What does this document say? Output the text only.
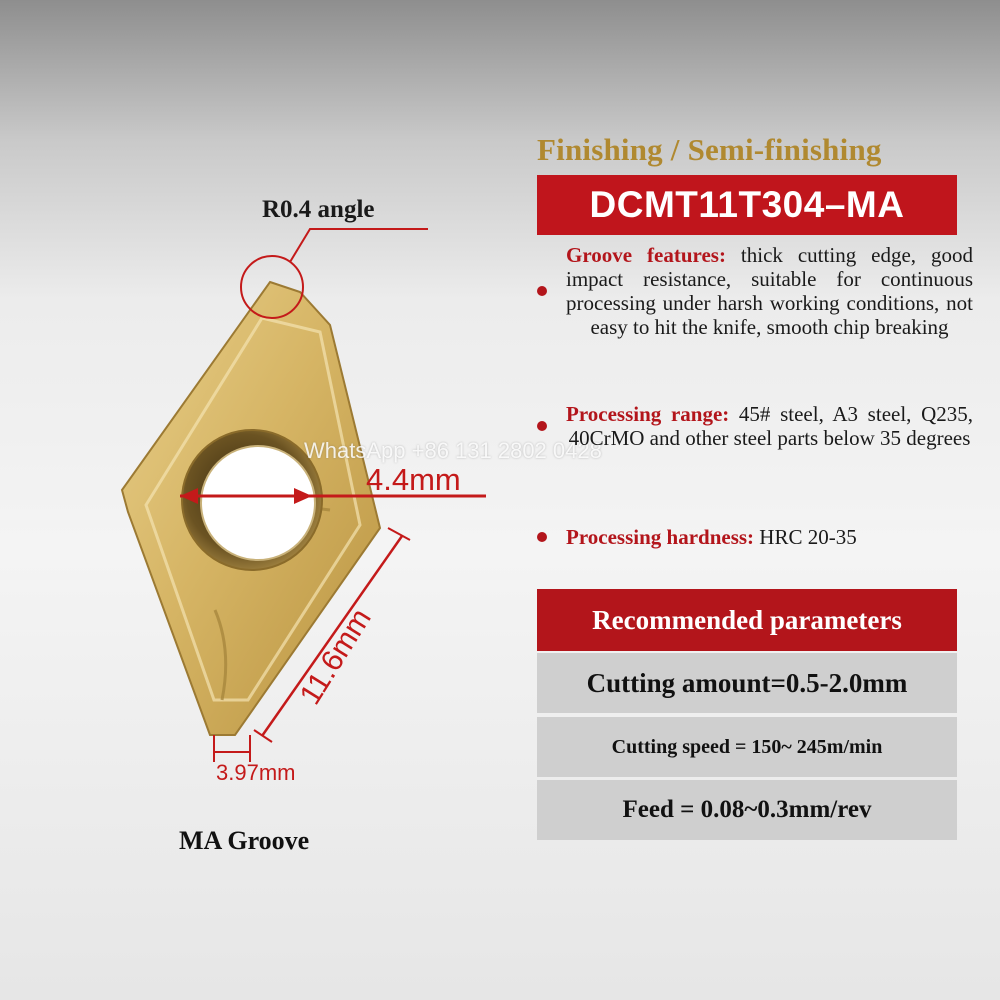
R0.4 angle
4.4mm
11.6mm
3.97mm
MA Groove
WhatsApp +86 131 2802 0428
Finishing / Semi-finishing
DCMT11T304–MA
Groove features: thick cutting edge, good impact resistance, suitable for continuous processing under harsh working conditions, not easy to hit the knife, smooth chip breaking
Processing range: 45# steel, A3 steel, Q235, 40CrMO and other steel parts below 35 degrees
Processing hardness: HRC 20-35
Recommended parameters
Cutting amount=0.5-2.0mm
Cutting speed = 150~ 245m/min
Feed = 0.08~0.3mm/rev
